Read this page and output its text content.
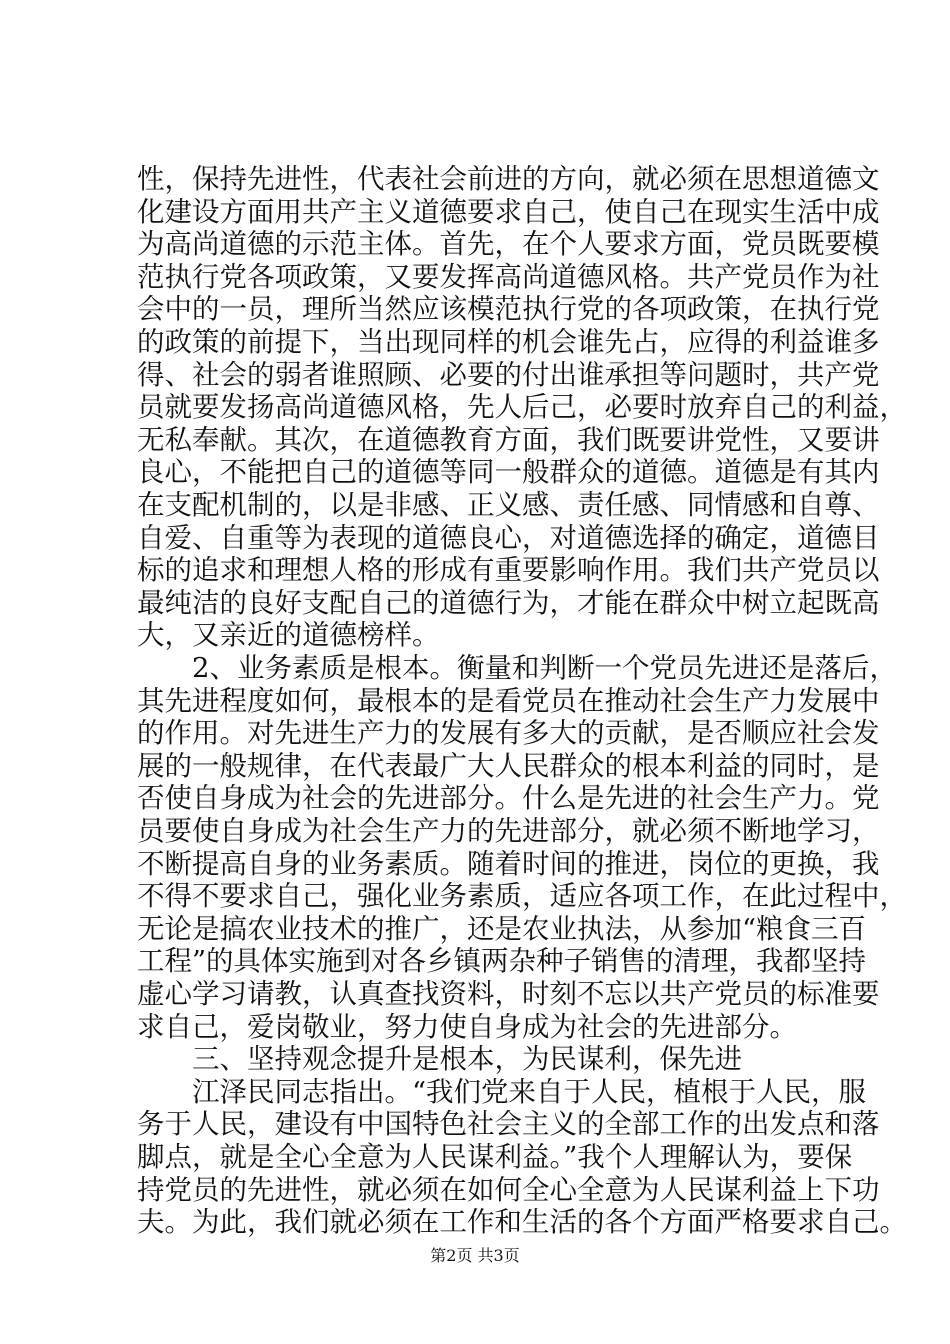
性，保持先进性，代表社会前进的方向，就必须在思想道德文
化建设方面用共产主义道德要求自己，使自己在现实生活中成
为高尚道德的示范主体。首先，在个人要求方面，党员既要模
范执行党各项政策，又要发挥高尚道德风格。共产党员作为社
会中的一员，理所当然应该模范执行党的各项政策，在执行党
的政策的前提下，当出现同样的机会谁先占，应得的利益谁多
得、社会的弱者谁照顾、必要的付出谁承担等问题时，共产党
员就要发扬高尚道德风格，先人后己，必要时放弃自己的利益，
无私奉献。其次，在道德教育方面，我们既要讲党性，又要讲
良心，不能把自己的道德等同一般群众的道德。道德是有其内
在支配机制的，以是非感、正义感、责任感、同情感和自尊、
自爱、自重等为表现的道德良心，对道德选择的确定，道德目
标的追求和理想人格的形成有重要影响作用。我们共产党员以
最纯洁的良好支配自己的道德行为，才能在群众中树立起既高
大，又亲近的道德榜样。
　　2、业务素质是根本。衡量和判断一个党员先进还是落后，
其先进程度如何，最根本的是看党员在推动社会生产力发展中
的作用。对先进生产力的发展有多大的贡献，是否顺应社会发
展的一般规律，在代表最广大人民群众的根本利益的同时，是
否使自身成为社会的先进部分。什么是先进的社会生产力。党
员要使自身成为社会生产力的先进部分，就必须不断地学习，
不断提高自身的业务素质。随着时间的推进，岗位的更换，我
不得不要求自己，强化业务素质，适应各项工作，在此过程中，
无论是搞农业技术的推广，还是农业执法，从参加“粮食三百
工程”的具体实施到对各乡镇两杂种子销售的清理，我都坚持
虚心学习请教，认真查找资料，时刻不忘以共产党员的标准要
求自己，爱岗敬业，努力使自身成为社会的先进部分。
　　三、坚持观念提升是根本，为民谋利，保先进
　　江泽民同志指出。“我们党来自于人民，植根于人民，服
务于人民，建设有中国特色社会主义的全部工作的出发点和落
脚点，就是全心全意为人民谋利益。”我个人理解认为，要保
持党员的先进性，就必须在如何全心全意为人民谋利益上下功
夫。为此，我们就必须在工作和生活的各个方面严格要求自己。
第2页 共3页
